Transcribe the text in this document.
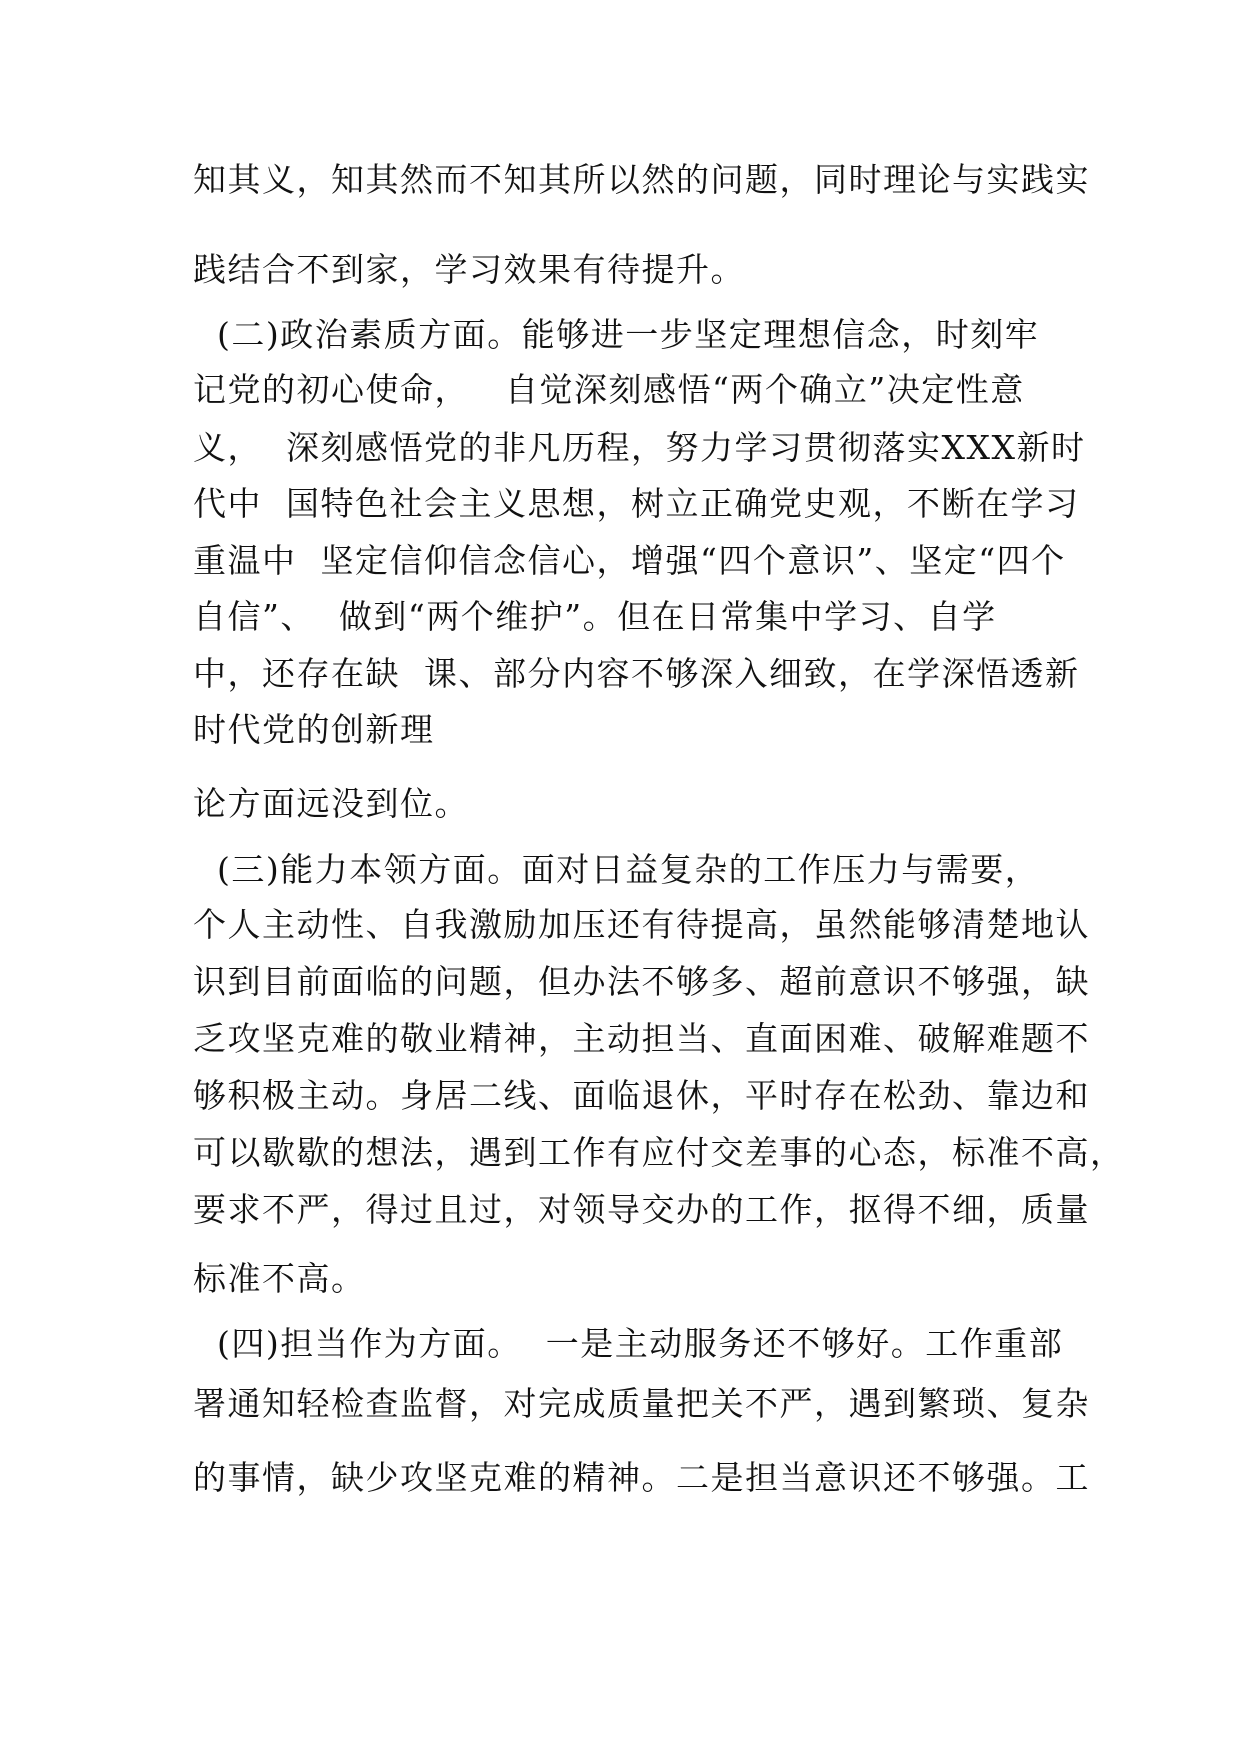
知其义，知其然而不知其所以然的问题，同时理论与实践实
践结合不到家，学习效果有待提升。
(二)政治素质方面。能够进一步坚定理想信念，时刻牢
记党的初心使命，   自觉深刻感悟“两个确立”决定性意
义，  深刻感悟党的非凡历程，努力学习贯彻落实XXX新时
代中  国特色社会主义思想，树立正确党史观，不断在学习
重温中  坚定信仰信念信心，增强“四个意识”、坚定“四个
自信”、  做到“两个维护”。但在日常集中学习、自学
中，还存在缺  课、部分内容不够深入细致，在学深悟透新
时代党的创新理
论方面远没到位。
(三)能力本领方面。面对日益复杂的工作压力与需要，
个人主动性、自我激励加压还有待提高，虽然能够清楚地认
识到目前面临的问题，但办法不够多、超前意识不够强，缺
乏攻坚克难的敬业精神，主动担当、直面困难、破解难题不
够积极主动。身居二线、面临退休，平时存在松劲、靠边和
可以歇歇的想法，遇到工作有应付交差事的心态，标准不高，
要求不严，得过且过，对领导交办的工作，抠得不细，质量
标准不高。
(四)担当作为方面。  一是主动服务还不够好。工作重部
署通知轻检查监督，对完成质量把关不严，遇到繁琐、复杂
的事情，缺少攻坚克难的精神。二是担当意识还不够强。工
